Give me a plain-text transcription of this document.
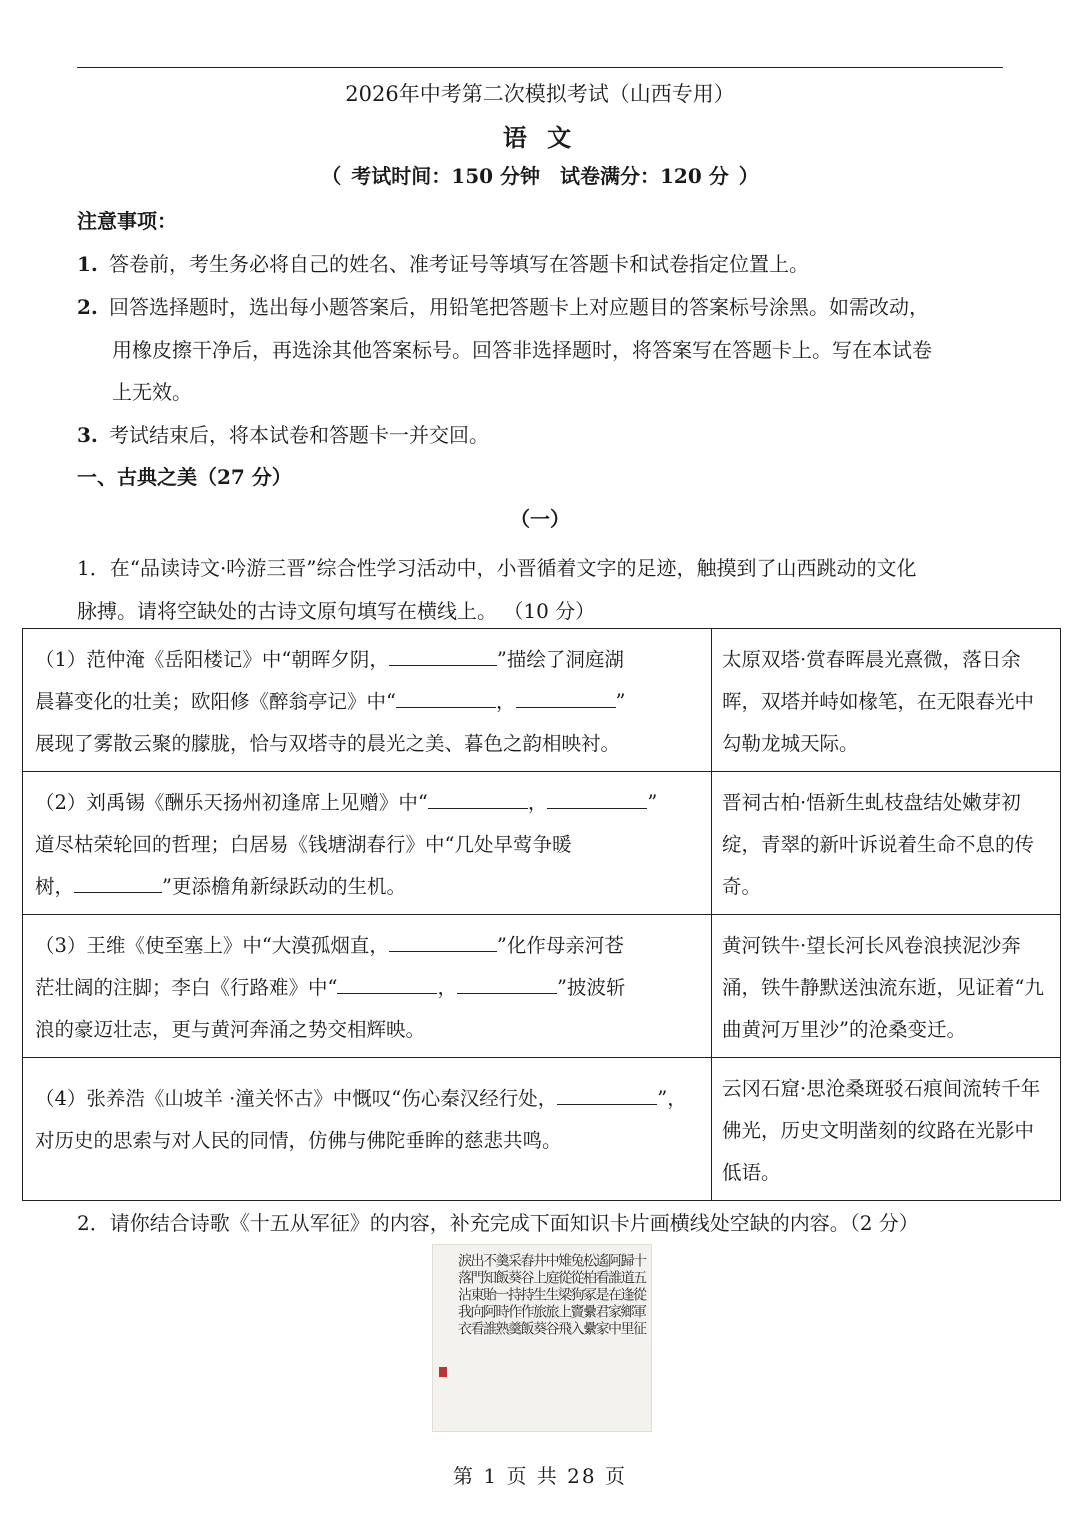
2026年中考第二次模拟考试（山西专用）
语 文
（ 考试时间：150 分钟 试卷满分：120 分 ）
注意事项：
1. 答卷前，考生务必将自己的姓名、准考证号等填写在答题卡和试卷指定位置上。
2. 回答选择题时，选出每小题答案后，用铅笔把答题卡上对应题目的答案标号涂黑。如需改动，
用橡皮擦干净后，再选涂其他答案标号。回答非选择题时，将答案写在答题卡上。写在本试卷
上无效。
3. 考试结束后，将本试卷和答题卡一并交回。
一、古典之美（27 分）
（一）
1．在“品读诗文·吟游三晋”综合性学习活动中，小晋循着文字的足迹，触摸到了山西跳动的文化
脉搏。请将空缺处的古诗文原句填写在横线上。 （10 分）
（1）范仲淹《岳阳楼记》中“朝晖夕阴， ”描绘了洞庭湖
晨暮变化的壮美；欧阳修《醉翁亭记》中“ ， ”
展现了雾散云聚的朦胧，恰与双塔寺的晨光之美、暮色之韵相映衬。	太原双塔·赏春晖晨光熹微，落日余晖，双塔并峙如椽笔，在无限春光中勾勒龙城天际。

（2）刘禹锡《酬乐天扬州初逢席上见赠》中“ ， ”
道尽枯荣轮回的哲理；白居易《钱塘湖春行》中“几处早莺争暖
树， ”更添檐角新绿跃动的生机。	晋祠古柏·悟新生虬枝盘结处嫩芽初绽，青翠的新叶诉说着生命不息的传奇。

（3）王维《使至塞上》中“大漠孤烟直， ”化作母亲河苍
茫壮阔的注脚；李白《行路难》中“ ， ”披波斩
浪的豪迈壮志，更与黄河奔涌之势交相辉映。	黄河铁牛·望长河长风卷浪挟泥沙奔涌，铁牛静默送浊流东逝，见证着“九曲黄河万里沙”的沧桑变迁。

（4）张养浩《山坡羊 ·潼关怀古》中慨叹“伤心秦汉经行处， ”，
对历史的思索与对人民的同情，仿佛与佛陀垂眸的慈悲共鸣。	云冈石窟·思沧桑斑驳石痕间流转千年佛光，历史文明凿刻的纹路在光影中低语。
2．请你结合诗歌《十五从军征》的内容，补充完成下面知识卡片画横线处空缺的内容。（2 分）
十五從軍征
歸道逢鄉里
阿誰在家中
遙看是君家
松柏冢纍纍
兔從狗竇入
雉從梁上飛
中庭生旅谷
井上生旅葵
舂谷持作飯
采葵持作羹
羹飯一時熟
不知貽阿誰
出門東向看
淚落沾我衣
第 1 页 共 28 页
